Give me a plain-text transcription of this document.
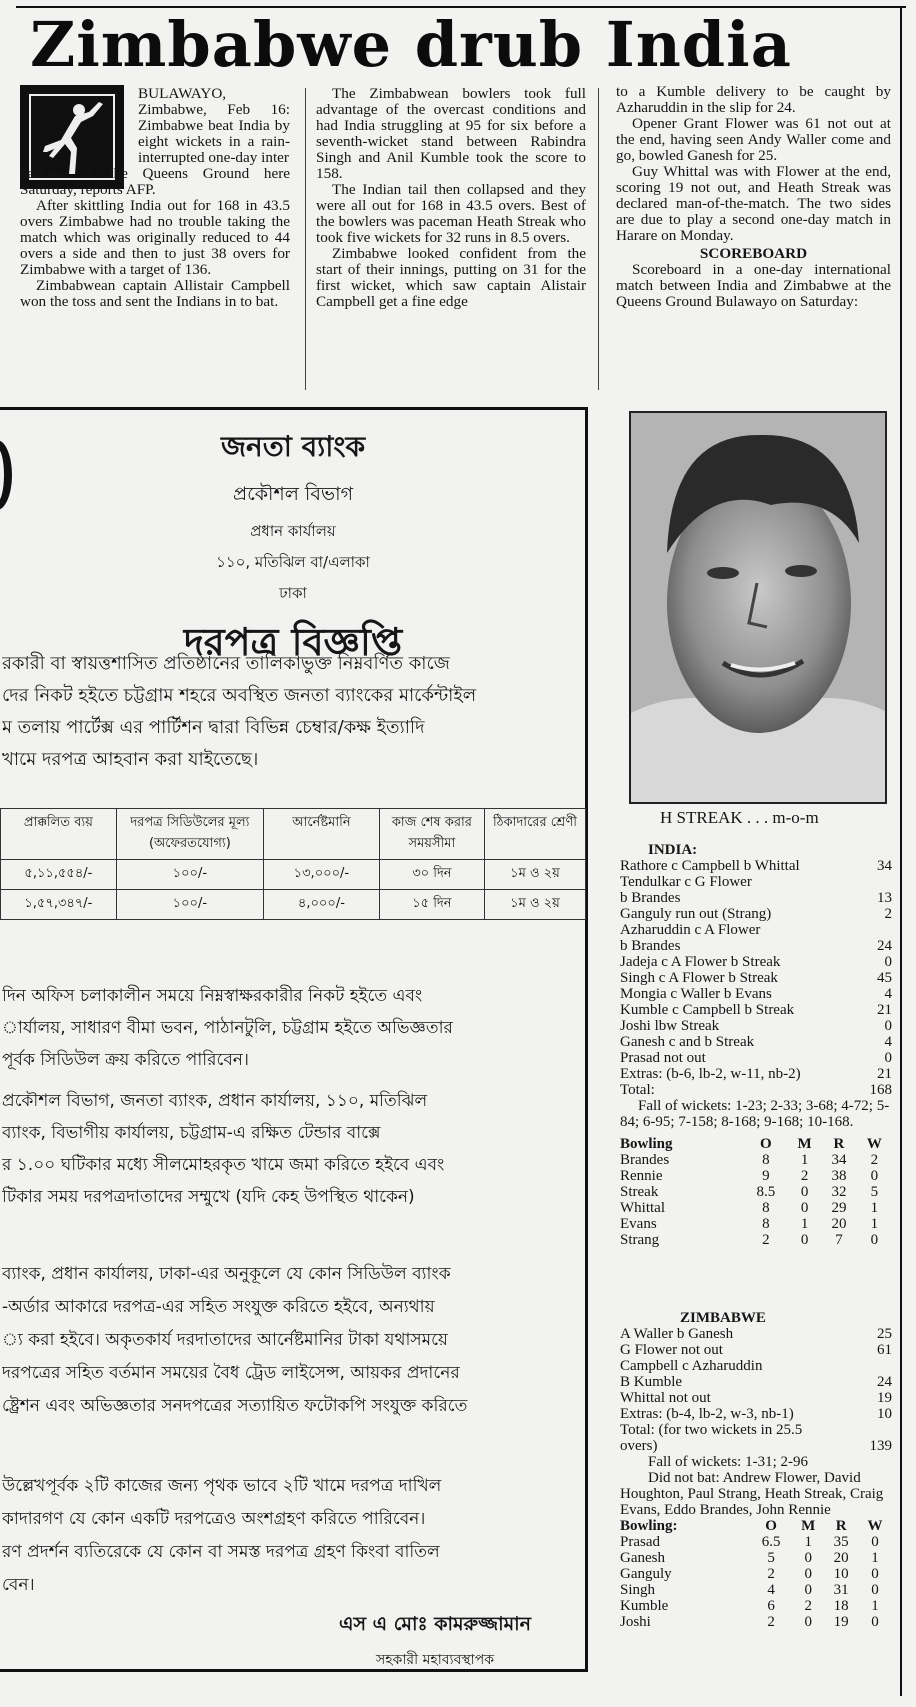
Zimbabwe drub India

BULAWAYO, Zimbabwe, Feb 16: Zimbabwe beat India by eight wickets in a rain-interrupted one-day inter

national at the Queens Ground here Saturday, reports AFP.

After skittling India out for 168 in 43.5 overs Zimbabwe had no trouble taking the match which was originally reduced to 44 overs a side and then to just 38 overs for Zimbabwe with a target of 136.

Zimbabwean captain Allistair Campbell won the toss and sent the Indians in to bat.

The Zimbabwean bowlers took full advantage of the overcast conditions and had India struggling at 95 for six before a seventh-wicket stand between Rabindra Singh and Anil Kumble took the score to 158.

The Indian tail then collapsed and they were all out for 168 in 43.5 overs. Best of the bowlers was paceman Heath Streak who took five wickets for 32 runs in 8.5 overs.

Zimbabwe looked confident from the start of their innings, putting on 31 for the first wicket, which saw captain Alistair Campbell get a fine edge

to a Kumble delivery to be caught by Azharuddin in the slip for 24.

Opener Grant Flower was 61 not out at the end, having seen Andy Waller come and go, bowled Ganesh for 25.

Guy Whittal was with Flower at the end, scoring 19 not out, and Heath Streak was declared man-of-the-match. The two sides are due to play a second one-day match in Harare on Monday.

SCOREBOARD

Scoreboard in a one-day international match between India and Zimbabwe at the Queens Ground Bulawayo on Saturday:

H STREAK . . . m-o-m
INDIA:
Rathore c Campbell b Whittal	34
Tendulkar c G Flower
b Brandes	13
Ganguly run out (Strang)	2
Azharuddin c A Flower
b Brandes	24
Jadeja c A Flower b Streak	0
Singh c A Flower b Streak	45
Mongia c Waller b Evans	4
Kumble c Campbell b Streak	21
Joshi lbw Streak	0
Ganesh c and b Streak	4
Prasad not out	0
Extras: (b-6, lb-2, w-11, nb-2)	21
Total:	168
Fall of wickets: 1-23; 2-33; 3-68; 4-72; 5-84; 6-95; 7-158; 8-168; 9-168; 10-168.
Bowling	O	M	R	W
Brandes	8	1	34	2
Rennie	9	2	38	0
Streak	8.5	0	32	5
Whittal	8	0	29	1
Evans	8	1	20	1
Strang	2	0	7	0
ZIMBABWE
A Waller b Ganesh	25
G Flower not out	61
Campbell c Azharuddin
B Kumble	24
Whittal not out	19
Extras: (b-4, lb-2, w-3, nb-1)	10
Total: (for two wickets in 25.5
overs)	139
Fall of wickets: 1-31; 2-96
Did not bat: Andrew Flower, David Houghton, Paul Strang, Heath Streak, Craig Evans, Eddo Brandes, John Rennie
Bowling:	O	M	R	W
Prasad	6.5	1	35	0
Ganesh	5	0	20	1
Ganguly	2	0	10	0
Singh	4	0	31	0
Kumble	6	2	18	1
Joshi	2	0	19	0
জনতা ব্যাংক
প্রকৌশল বিভাগ
প্রধান কার্যালয়
১১০, মতিঝিল বা/এলাকা
ঢাকা
দরপত্র বিজ্ঞপ্তি
রকারী বা স্বায়ত্তশাসিত প্রতিষ্ঠানের তালিকাভুক্ত নিম্নবর্ণিত কাজে
দের নিকট হইতে চট্টগ্রাম শহরে অবস্থিত জনতা ব্যাংকের মার্কেন্টাইল
ম তলায় পার্টেক্স এর পার্টিশন দ্বারা বিভিন্ন চেম্বার/কক্ষ ইত্যাদি
খামে দরপত্র আহবান করা যাইতেছে।
প্রাক্কলিত ব্যয়	দরপত্র সিডিউলের মূল্য (অফেরতযোগ্য)	আর্নেষ্টমানি	কাজ শেষ করার সময়সীমা	ঠিকাদারের শ্রেণী
৫,১১,৫৫৪/-	১০০/-	১৩,০০০/-	৩০ দিন	১ম ও ২য়
১,৫৭,৩৪৭/-	১০০/-	৪,০০০/-	১৫ দিন	১ম ও ২য়
দিন অফিস চলাকালীন সময়ে নিম্নস্বাক্ষরকারীর নিকট হইতে এবং
ার্যালয়, সাধারণ বীমা ভবন, পাঠানটুলি, চট্টগ্রাম হইতে অভিজ্ঞতার
পূর্বক সিডিউল ক্রয় করিতে পারিবেন।
প্রকৌশল বিভাগ, জনতা ব্যাংক, প্রধান কার্যালয়, ১১০, মতিঝিল
ব্যাংক, বিভাগীয় কার্যালয়, চট্টগ্রাম-এ রক্ষিত টেন্ডার বাক্সে
র ১.০০ ঘটিকার মধ্যে সীলমোহরকৃত খামে জমা করিতে হইবে এবং
টিকার সময় দরপত্রদাতাদের সম্মুখে (যদি কেহ উপস্থিত থাকেন)
ব্যাংক, প্রধান কার্যালয়, ঢাকা-এর অনুকূলে যে কোন সিডিউল ব্যাংক
-অর্ডার আকারে দরপত্র-এর সহিত সংযুক্ত করিতে হইবে, অন্যথায়
্য করা হইবে। অকৃতকার্য দরদাতাদের আর্নেষ্টমানির টাকা যথাসময়ে
দরপত্রের সহিত বর্তমান সময়ের বৈধ ট্রেড লাইসেন্স, আয়কর প্রদানের
ষ্ট্রেশন এবং অভিজ্ঞতার সনদপত্রের সত্যায়িত ফটোকপি সংযুক্ত করিতে
উল্লেখপূর্বক ২টি কাজের জন্য পৃথক ভাবে ২টি খামে দরপত্র দাখিল
কাদারগণ যে কোন একটি দরপত্রেও অংশগ্রহণ করিতে পারিবেন।
রণ প্রদর্শন ব্যতিরেকে যে কোন বা সমস্ত দরপত্র গ্রহণ কিংবা বাতিল
বেন।
এস এ মোঃ কামরুজ্জামান
সহকারী মহাব্যবস্থাপক
